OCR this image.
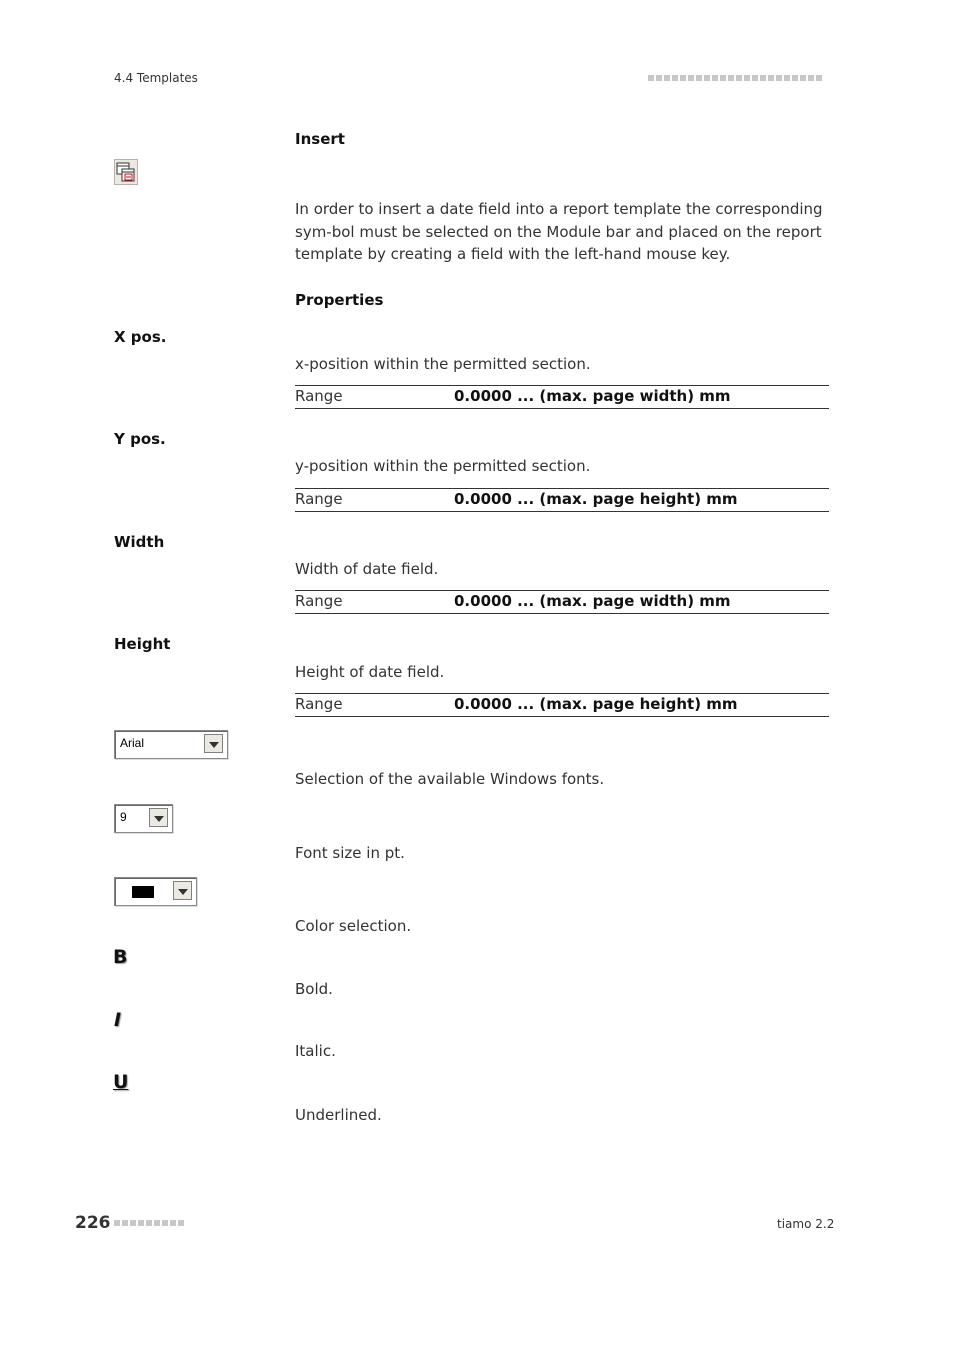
4.4 Templates
Insert
In order to insert a date field into a report template the corresponding sym-bol must be selected on the Module bar and placed on the report template by creating a field with the left-hand mouse key.
Properties
X pos.
x-position within the permitted section.
Range	0.0000 ... (max. page width) mm
Y pos.
y-position within the permitted section.
Range	0.0000 ... (max. page height) mm
Width
Width of date field.
Range	0.0000 ... (max. page width) mm
Height
Height of date field.
Range	0.0000 ... (max. page height) mm
Arial
Selection of the available Windows fonts.
9
Font size in pt.
Color selection.
B
Bold.
I
Italic.
U
Underlined.
226	tiamo 2.2
